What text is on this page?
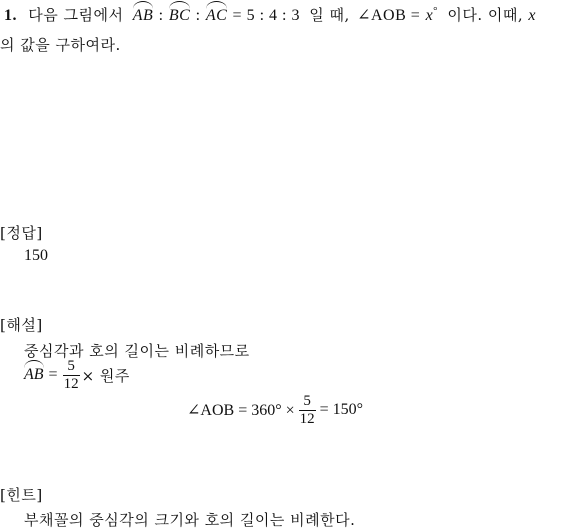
1. 다음 그림에서 AB : BC : AC = 5 : 4 : 3 일 때, ∠AOB = x° 이다. 이때, x
의 값을 구하여라.
[정답]
150
[해설]
중심각과 호의 길이는 비례하므로
AB = $\frac{5}{12}$ × 원주
∠AOB = $360^\circ \times \frac{5}{12} = 150^\circ$
[힌트]
부채꼴의 중심각의 크기와 호의 길이는 비례한다.
